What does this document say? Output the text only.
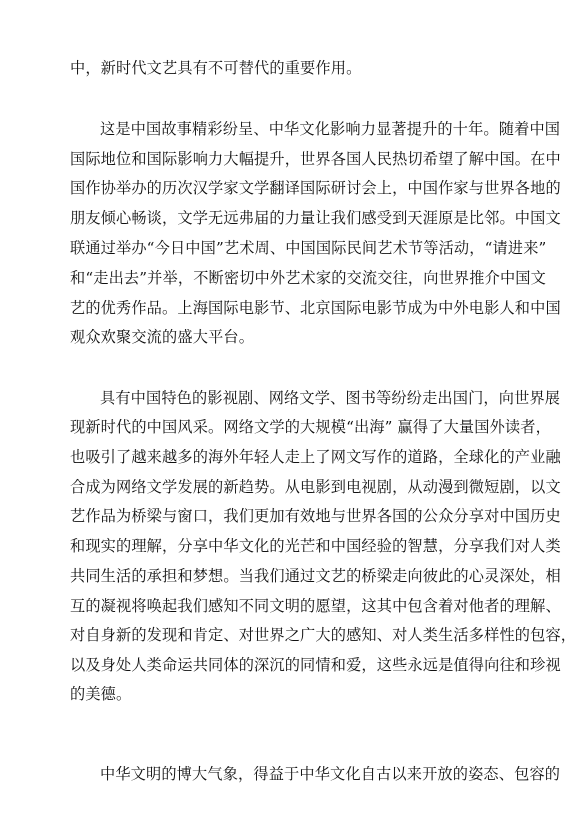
中，新时代文艺具有不可替代的重要作用。
这是中国故事精彩纷呈、中华文化影响力显著提升的十年。随着中国
国际地位和国际影响力大幅提升，世界各国人民热切希望了解中国。在中
国作协举办的历次汉学家文学翻译国际研讨会上，中国作家与世界各地的
朋友倾心畅谈，文学无远弗届的力量让我们感受到天涯原是比邻。中国文
联通过举办“今日中国”艺术周、中国国际民间艺术节等活动，“请进来”
和“走出去”并举，不断密切中外艺术家的交流交往，向世界推介中国文
艺的优秀作品。上海国际电影节、北京国际电影节成为中外电影人和中国
观众欢聚交流的盛大平台。
具有中国特色的影视剧、网络文学、图书等纷纷走出国门，向世界展
现新时代的中国风采。网络文学的大规模“出海” 赢得了大量国外读者，
也吸引了越来越多的海外年轻人走上了网文写作的道路，全球化的产业融
合成为网络文学发展的新趋势。从电影到电视剧，从动漫到微短剧，以文
艺作品为桥梁与窗口，我们更加有效地与世界各国的公众分享对中国历史
和现实的理解，分享中华文化的光芒和中国经验的智慧，分享我们对人类
共同生活的承担和梦想。当我们通过文艺的桥梁走向彼此的心灵深处，相
互的凝视将唤起我们感知不同文明的愿望，这其中包含着对他者的理解、
对自身新的发现和肯定、对世界之广大的感知、对人类生活多样性的包容，
以及身处人类命运共同体的深沉的同情和爱，这些永远是值得向往和珍视
的美德。
中华文明的博大气象，得益于中华文化自古以来开放的姿态、包容的
